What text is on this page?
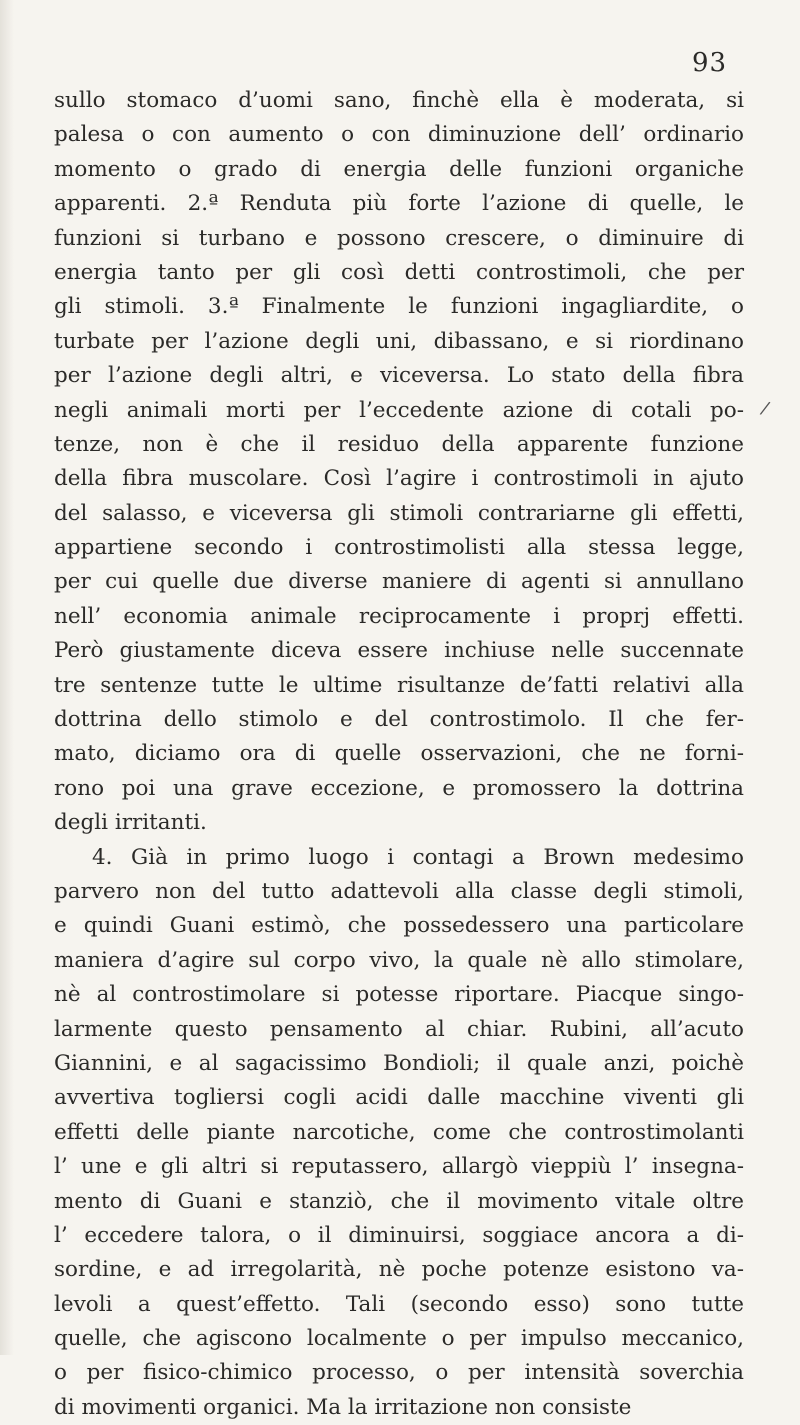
93
/
sullo stomaco d’uomi sano, finchè ella è moderata, si
palesa o con aumento o con diminuzione dell’ ordinario
momento o grado di energia delle funzioni organiche
apparenti. 2.ª Renduta più forte l’azione di quelle, le
funzioni si turbano e possono crescere, o diminuire di
energia tanto per gli così detti controstimoli, che per
gli stimoli. 3.ª Finalmente le funzioni ingagliardite, o
turbate per l’azione degli uni, dibassano, e si riordinano
per l’azione degli altri, e viceversa. Lo stato della fibra
negli animali morti per l’eccedente azione di cotali po-
tenze, non è che il residuo della apparente funzione
della fibra muscolare. Così l’agire i controstimoli in ajuto
del salasso, e viceversa gli stimoli contrariarne gli effetti,
appartiene secondo i controstimolisti alla stessa legge,
per cui quelle due diverse maniere di agenti si annullano
nell’ economia animale reciprocamente i proprj effetti.
Però giustamente diceva essere inchiuse nelle succennate
tre sentenze tutte le ultime risultanze de’fatti relativi alla
dottrina dello stimolo e del controstimolo. Il che fer-
mato, diciamo ora di quelle osservazioni, che ne forni-
rono poi una grave eccezione, e promossero la dottrina
degli irritanti.
4. Già in primo luogo i contagi a Brown medesimo
parvero non del tutto adattevoli alla classe degli stimoli,
e quindi Guani estimò, che possedessero una particolare
maniera d’agire sul corpo vivo, la quale nè allo stimolare,
nè al controstimolare si potesse riportare. Piacque singo-
larmente questo pensamento al chiar. Rubini, all’acuto
Giannini, e al sagacissimo Bondioli; il quale anzi, poichè
avvertiva togliersi cogli acidi dalle macchine viventi gli
effetti delle piante narcotiche, come che controstimolanti
l’ une e gli altri si reputassero, allargò vieppiù l’ insegna-
mento di Guani e stanziò, che il movimento vitale oltre
l’ eccedere talora, o il diminuirsi, soggiace ancora a di-
sordine, e ad irregolarità, nè poche potenze esistono va-
levoli a quest’effetto. Tali (secondo esso) sono tutte
quelle, che agiscono localmente o per impulso meccanico,
o per fisico-chimico processo, o per intensità soverchia
di movimenti organici. Ma la irritazione non consiste
